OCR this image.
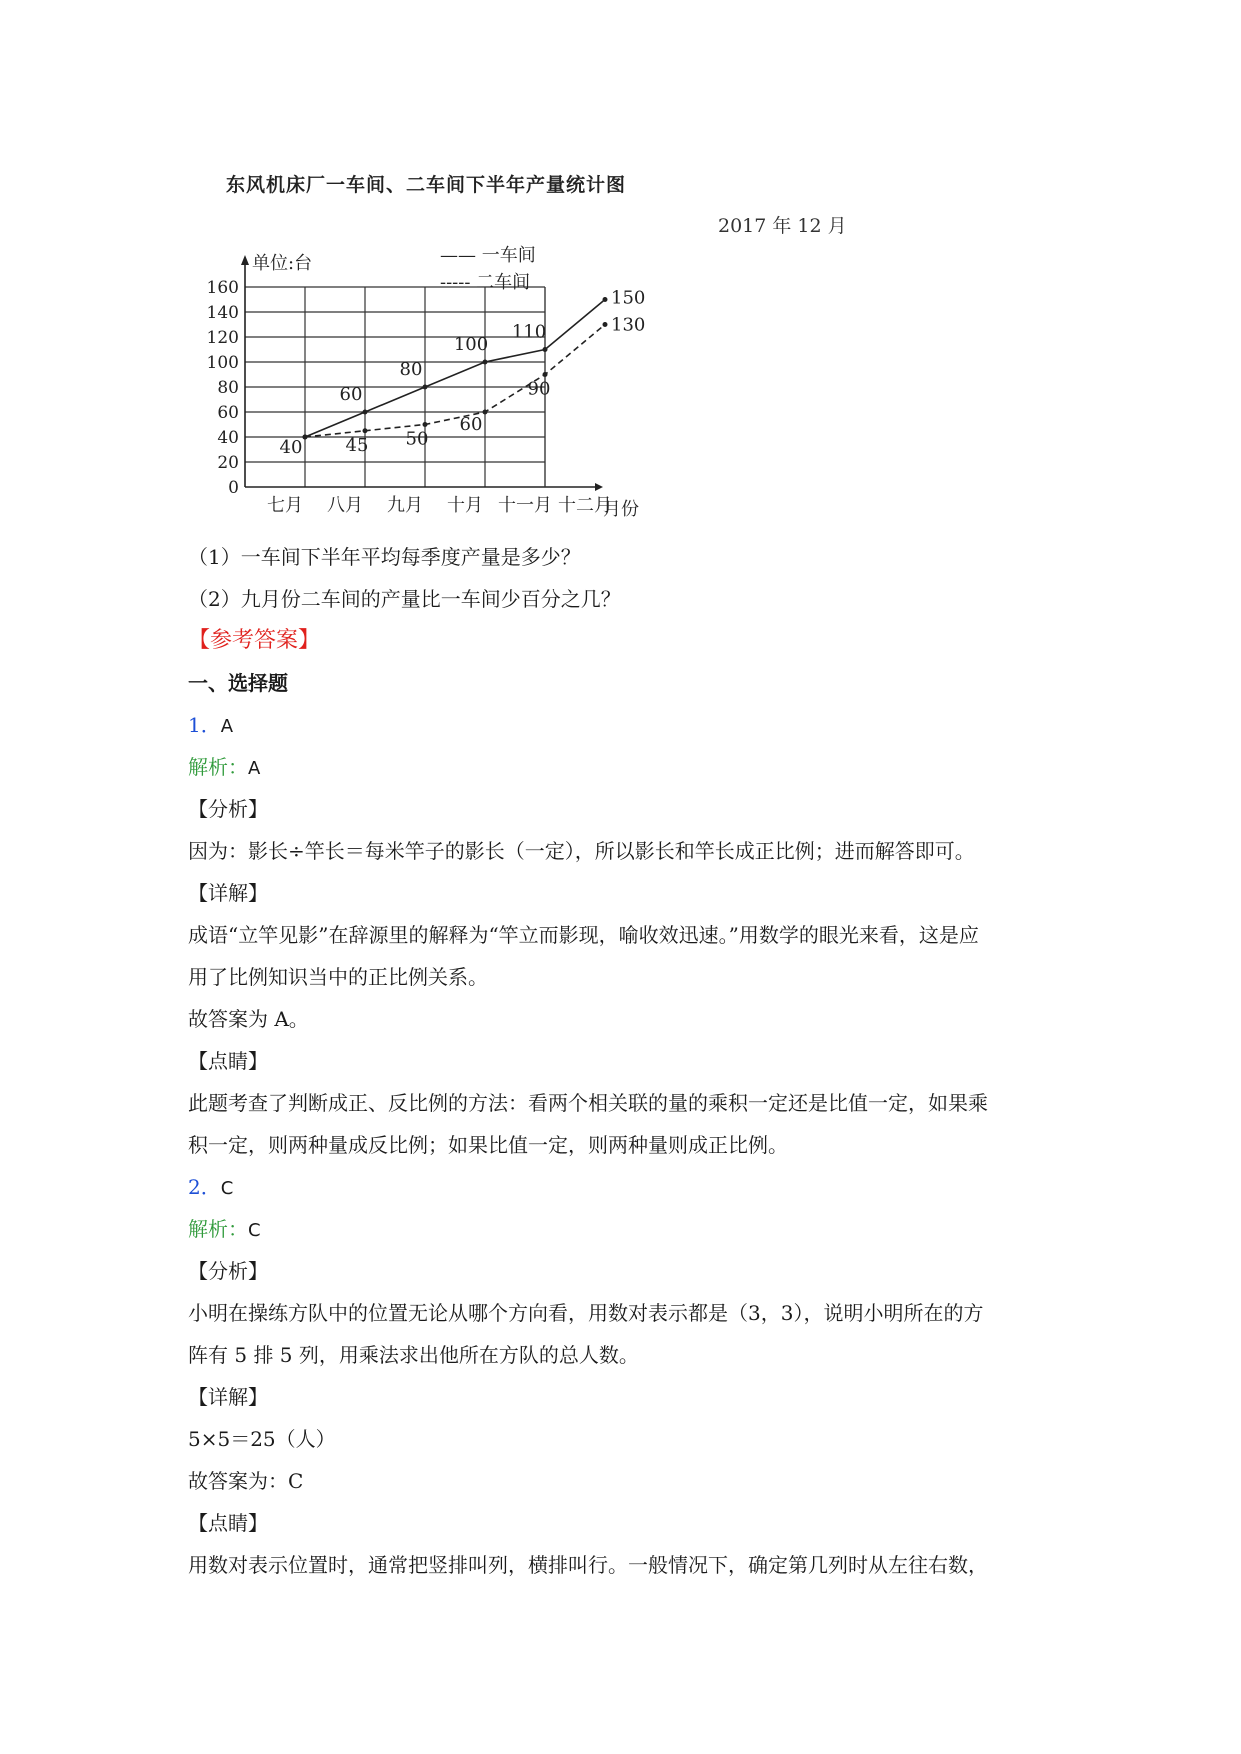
东风机床厂一车间、二车间下半年产量统计图
2017 年 12 月
0
20
40
60
80
100
120
140
160
单位:台
月份
七月 八月 九月 十月 十一月 十二月
—— 一车间
----- 二车间
40
60
80
100
110
150
45 50
60
90
130
（1）一车间下半年平均每季度产量是多少？
（2）九月份二车间的产量比一车间少百分之几？
【参考答案】
一、选择题
1．A
解析：A
【分析】
因为：影长÷竿长＝每米竿子的影长（一定），所以影长和竿长成正比例；进而解答即可。
【详解】
成语“立竿见影”在辞源里的解释为“竿立而影现，喻收效迅速。”用数学的眼光来看，这是应
用了比例知识当中的正比例关系。
故答案为 A。
【点睛】
此题考查了判断成正、反比例的方法：看两个相关联的量的乘积一定还是比值一定，如果乘
积一定，则两种量成反比例；如果比值一定，则两种量则成正比例。
2．C
解析：C
【分析】
小明在操练方队中的位置无论从哪个方向看，用数对表示都是（3，3），说明小明所在的方
阵有 5 排 5 列，用乘法求出他所在方队的总人数。
【详解】
5×5＝25（人）
故答案为：C
【点睛】
用数对表示位置时，通常把竖排叫列，横排叫行。一般情况下，确定第几列时从左往右数，
